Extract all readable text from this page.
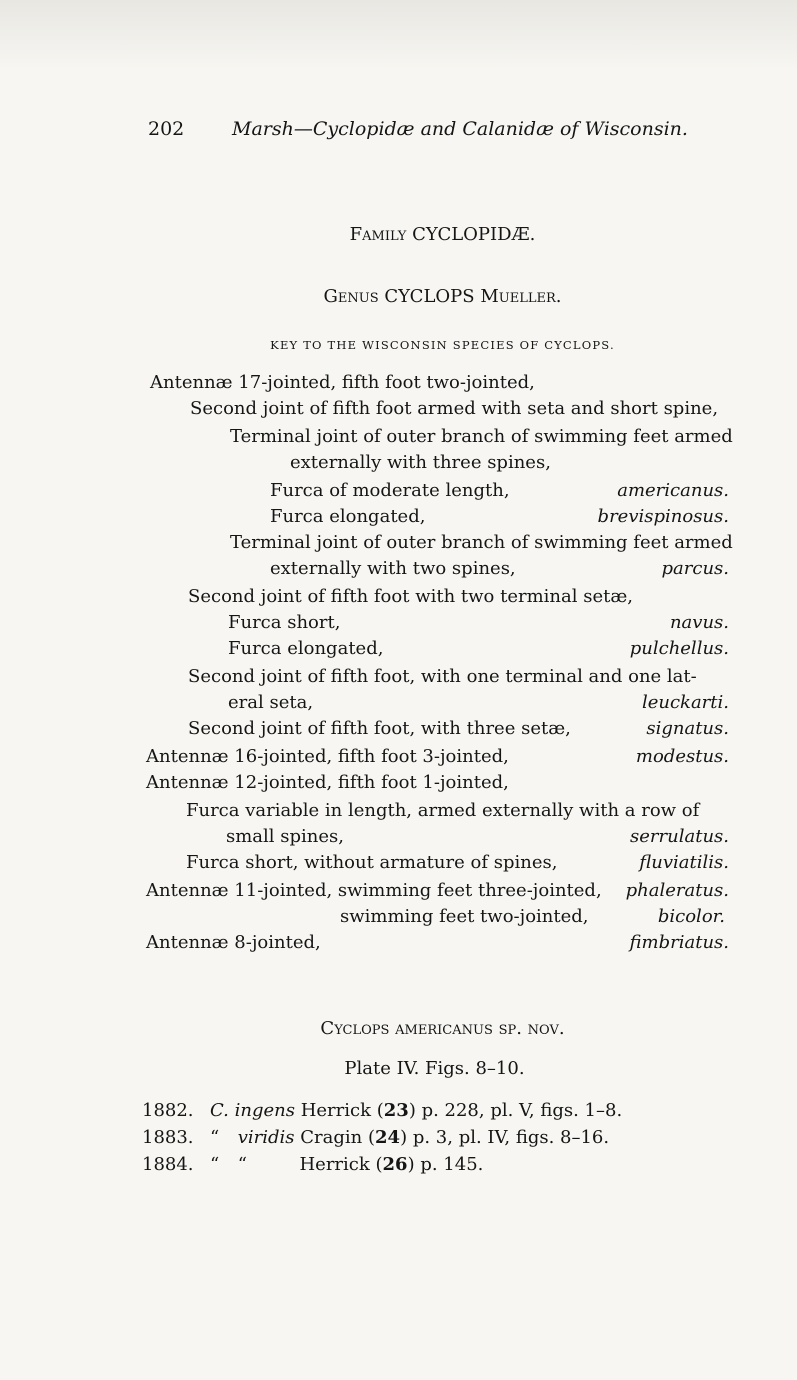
202	Marsh—Cyclopidæ and Calanidæ of Wisconsin.
Family CYCLOPIDÆ.
Genus CYCLOPS Mueller.
KEY TO THE WISCONSIN SPECIES OF CYCLOPS.
Antennæ 17-jointed, fifth foot two-jointed,
Second joint of fifth foot armed with seta and short spine,
Terminal joint of outer branch of swimming feet armed
externally with three spines,
Furca of moderate length,	americanus.
Furca elongated,	brevispinosus.
Terminal joint of outer branch of swimming feet armed
externally with two spines,	parcus.
Second joint of fifth foot with two terminal setæ,
Furca short,	navus.
Furca elongated,	pulchellus.
Second joint of fifth foot, with one terminal and one lat-
eral seta,	leuckarti.
Second joint of fifth foot, with three setæ,	signatus.
Antennæ 16-jointed, fifth foot 3-jointed,	modestus.
Antennæ 12-jointed, fifth foot 1-jointed,
Furca variable in length, armed externally with a row of
small spines,	serrulatus.
Furca short, without armature of spines,	fluviatilis.
Antennæ 11-jointed, swimming feet three-jointed, phaleratus.
swimming feet two-jointed,	bicolor.
Antennæ 8-jointed,	fimbriatus.
Cyclops americanus sp. nov.
Plate IV. Figs. 8–10.
1882. C. ingens Herrick (23) p. 228, pl. V, figs. 1–8.
1883. “ viridis Cragin (24) p. 3, pl. IV, figs. 8–16.
1884. “ “	Herrick (26) p. 145.
